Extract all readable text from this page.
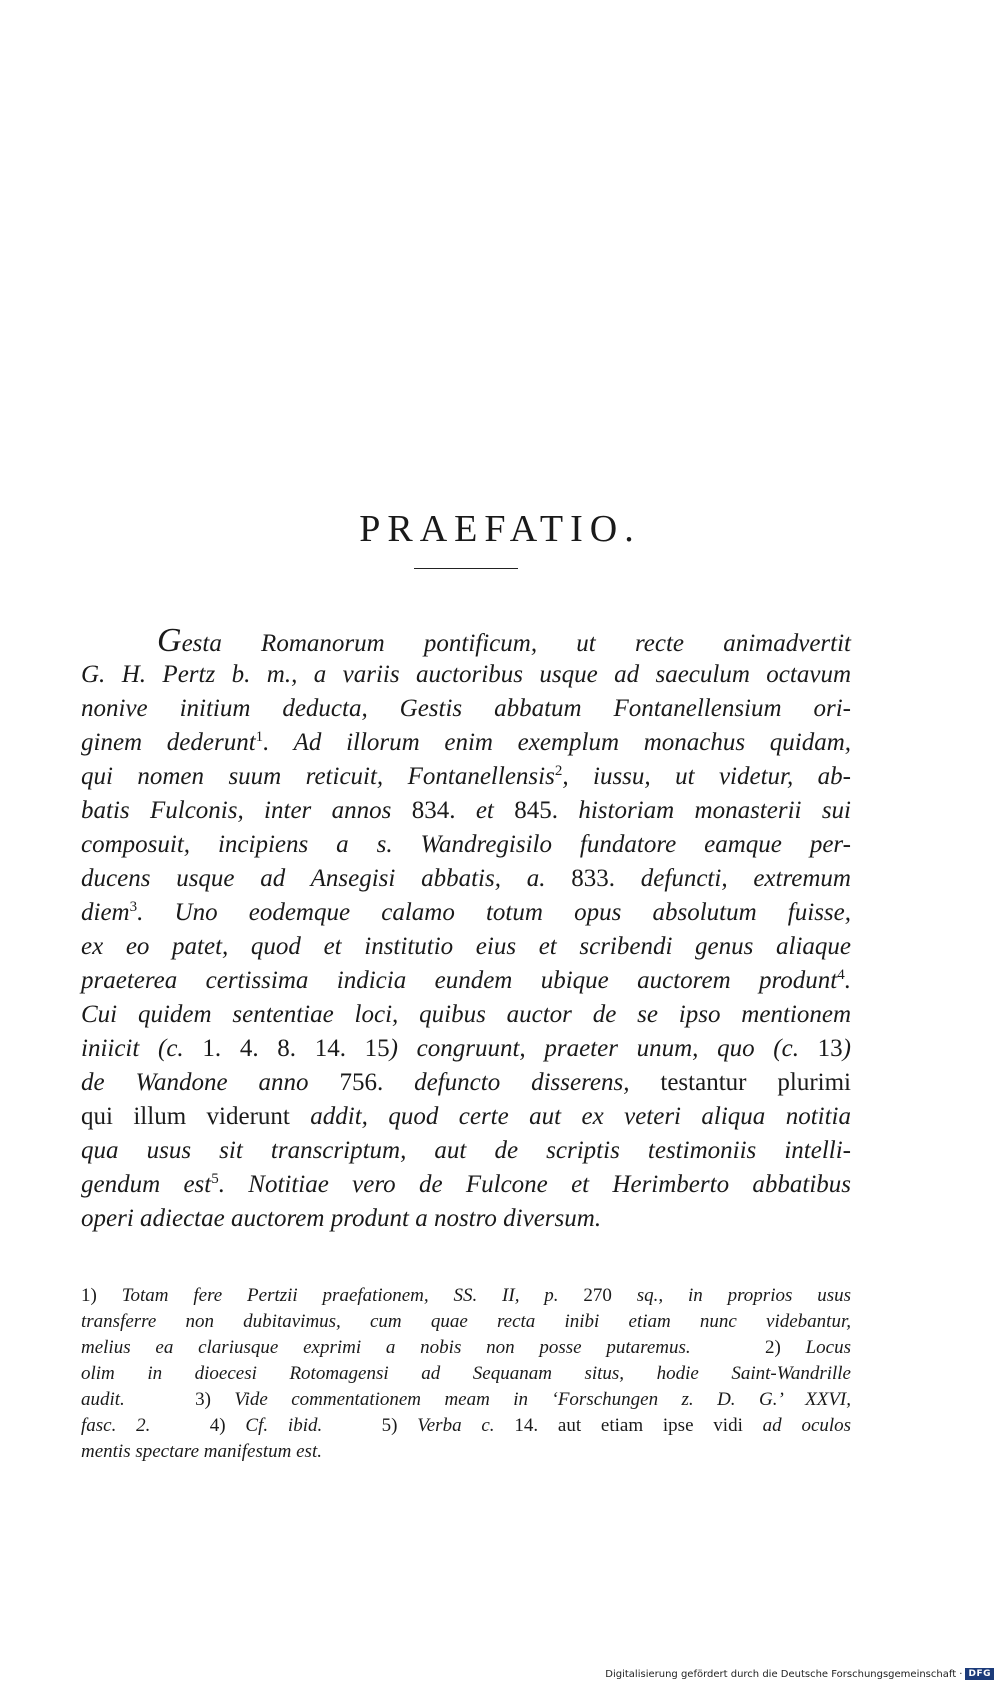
PRAEFATIO.
Gesta Romanorum pontificum, ut recte animadvertit
G. H. Pertz b. m., a variis auctoribus usque ad saeculum octavum
nonive initium deducta, Gestis abbatum Fontanellensium ori-
ginem dederunt$^1$. Ad illorum enim exemplum monachus quidam,
qui nomen suum reticuit, Fontanellensis$^2$, iussu, ut videtur, ab-
batis Fulconis, inter annos 834. et 845. historiam monasterii sui
composuit, incipiens a s. Wandregisilo fundatore eamque per-
ducens usque ad Ansegisi abbatis, a. 833. defuncti, extremum
diem$^3$. Uno eodemque calamo totum opus absolutum fuisse,
ex eo patet, quod et institutio eius et scribendi genus aliaque
praeterea certissima indicia eundem ubique auctorem produnt$^4$.
Cui quidem sententiae loci, quibus auctor de se ipso mentionem
iniicit (c. 1. 4. 8. 14. 15) congruunt, praeter unum, quo (c. 13)
de Wandone anno 756. defuncto disserens, testantur plurimi
qui illum viderunt addit, quod certe aut ex veteri aliqua notitia
qua usus sit transcriptum, aut de scriptis testimoniis intelli-
gendum est$^5$. Notitiae vero de Fulcone et Herimberto abbatibus
operi adiectae auctorem produnt a nostro diversum.
1) Totam fere Pertzii praefationem, SS. II, p. 270 sq., in proprios usus
transferre non dubitavimus, cum quae recta inibi etiam nunc videbantur,
melius ea clariusque exprimi a nobis non posse putaremus.	2) Locus
olim in dioecesi Rotomagensi ad Sequanam situs, hodie Saint-Wandrille
audit.	3) Vide commentationem meam in ‘Forschungen z. D. G.’ XXVI,
fasc. 2.	4) Cf. ibid.	5) Verba c. 14. aut etiam ipse vidi ad oculos
mentis spectare manifestum est.
Digitalisierung gefördert durch die Deutsche Forschungsgemeinschaft · DFG
